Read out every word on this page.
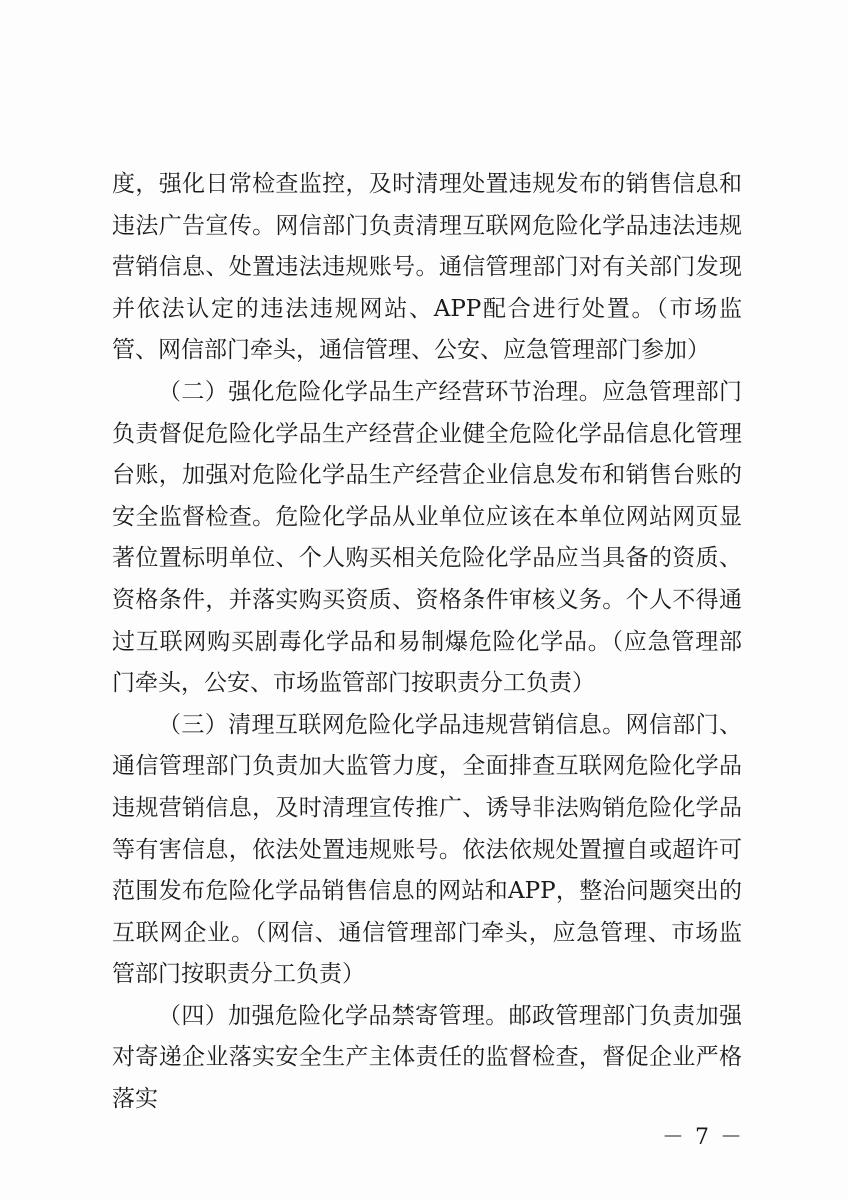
度，强化日常检查监控，及时清理处置违规发布的销售信息和违法广告宣传。网信部门负责清理互联网危险化学品违法违规营销信息、处置违法违规账号。通信管理部门对有关部门发现并依法认定的违法违规网站、APP配合进行处置。（市场监管、网信部门牵头，通信管理、公安、应急管理部门参加）

（二）强化危险化学品生产经营环节治理。应急管理部门负责督促危险化学品生产经营企业健全危险化学品信息化管理台账，加强对危险化学品生产经营企业信息发布和销售台账的安全监督检查。危险化学品从业单位应该在本单位网站网页显著位置标明单位、个人购买相关危险化学品应当具备的资质、资格条件，并落实购买资质、资格条件审核义务。个人不得通过互联网购买剧毒化学品和易制爆危险化学品。（应急管理部门牵头，公安、市场监管部门按职责分工负责）

（三）清理互联网危险化学品违规营销信息。网信部门、通信管理部门负责加大监管力度，全面排查互联网危险化学品违规营销信息，及时清理宣传推广、诱导非法购销危险化学品等有害信息，依法处置违规账号。依法依规处置擅自或超许可范围发布危险化学品销售信息的网站和APP，整治问题突出的互联网企业。（网信、通信管理部门牵头，应急管理、市场监管部门按职责分工负责）

（四）加强危险化学品禁寄管理。邮政管理部门负责加强对寄递企业落实安全生产主体责任的监督检查，督促企业严格落实

－ 7 －
